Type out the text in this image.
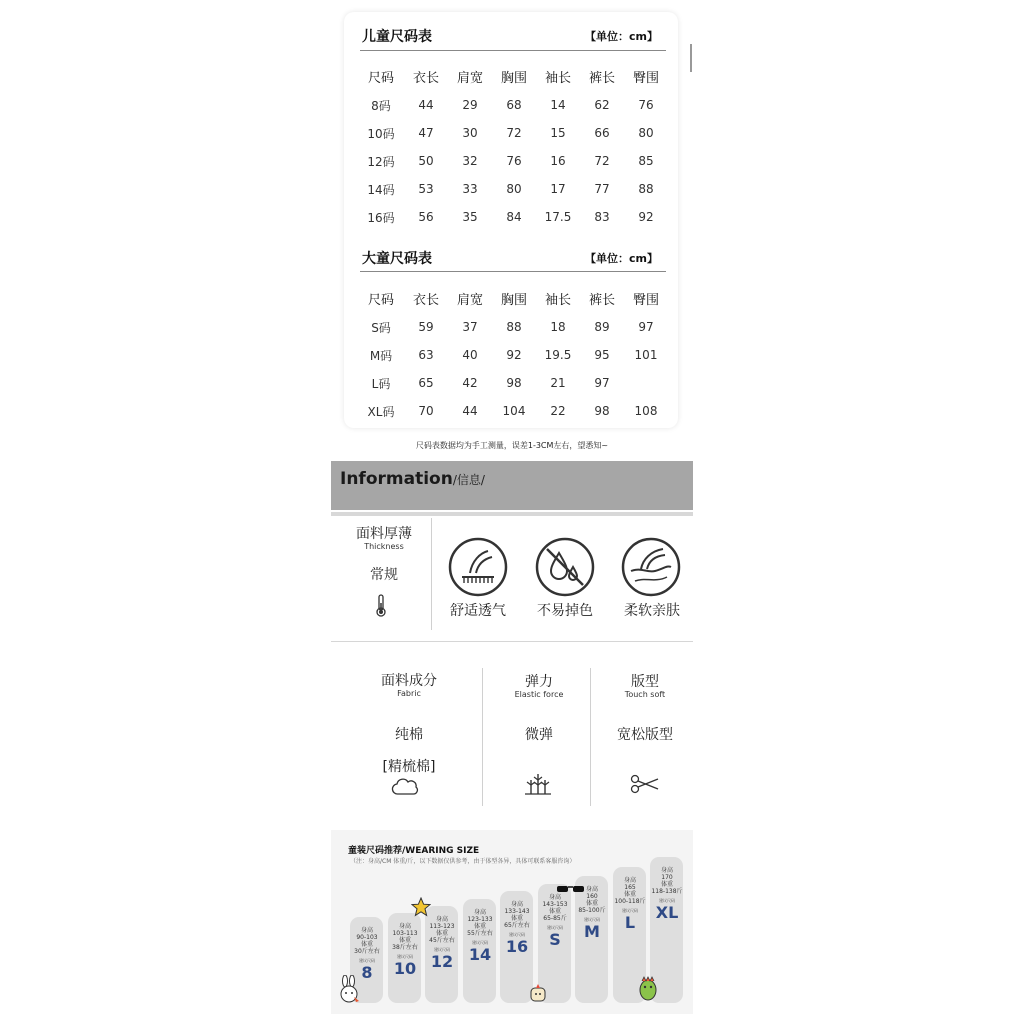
儿童尺码表	【单位：cm】
尺码	衣长	肩宽	胸围	袖长	裤长	臀围
8码	44	29	68	14	62	76
10码	47	30	72	15	66	80
12码	50	32	76	16	72	85
14码	53	33	80	17	77	88
16码	56	35	84	17.5	83	92
大童尺码表	【单位：cm】
尺码	衣长	肩宽	胸围	袖长	裤长	臀围
S码	59	37	88	18	89	97
M码	63	40	92	19.5	95	101
L码	65	42	98	21	97
XL码	70	44	104	22	98	108
尺码表数据均为手工测量，误差1-3CM左右，望悉知~
Information/信息/
面料厚薄
Thickness
常规
舒适透气	不易掉色	柔软亲肤
面料成分
Fabric
纯棉
[精梳棉]
弹力
Elastic force
微弹
版型
Touch soft
宽松版型
童装尺码推荐/WEARING SIZE
（注：身高/CM 体重/斤，以下数据仅供参考，由于体型各异，具体可联系客服咨询）
身高
90-103
体重
30斤左右
建议尺码
8
身高
103-113
体重
38斤左右
建议尺码
10
身高
113-123
体重
45斤左右
建议尺码
12
身高
123-133
体重
55斤左右
建议尺码
14
身高
133-143
体重
65斤左右
建议尺码
16
身高
143-153
体重
65-85斤
建议尺码
S
身高
160
体重
85-100斤
建议尺码
M
身高
165
体重
100-118斤
建议尺码
L
身高
170
体重
118-138斤
建议尺码
XL
